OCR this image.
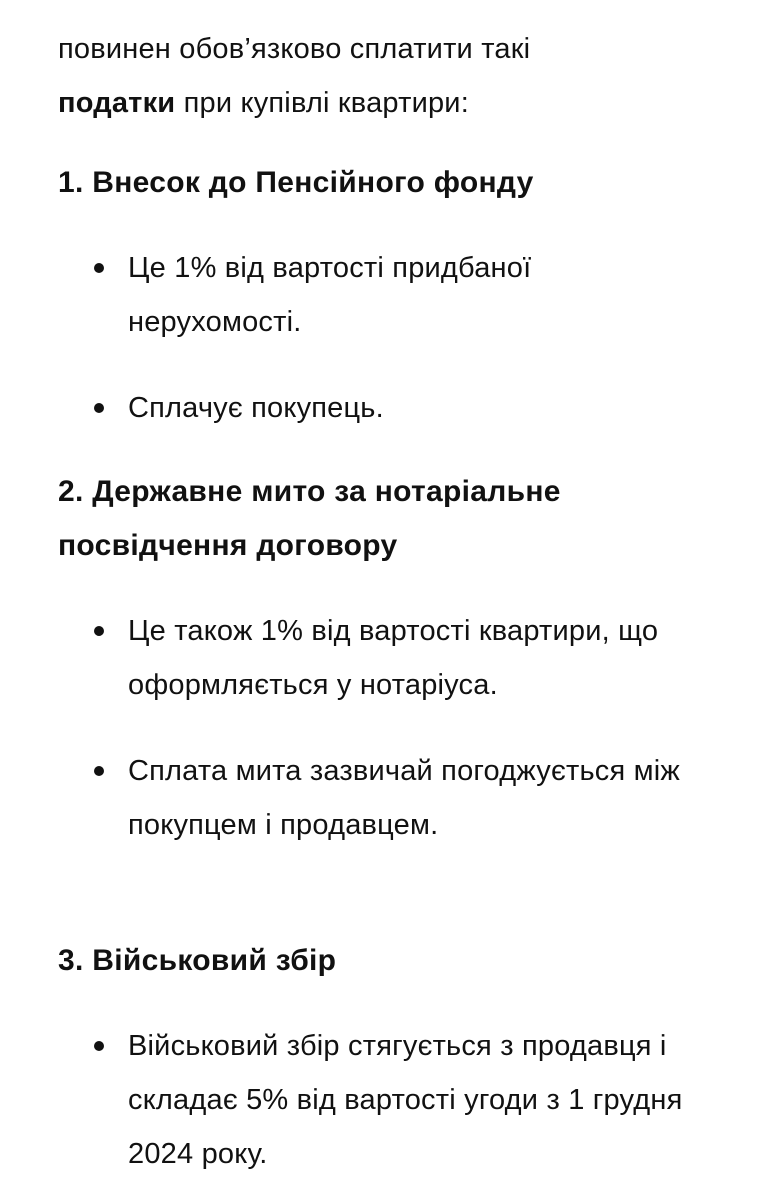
повинен обов’язково сплатити такі
податки при купівлі квартири:

1. Внесок до Пенсійного фонду
Це 1% від вартості придбаної нерухомості.
Сплачує покупець.
2. Державне мито за нотаріальне посвідчення договору
Це також 1% від вартості квартири, що оформляється у нотаріуса.
Сплата мита зазвичай погоджується між покупцем і продавцем.
3. Військовий збір
Військовий збір стягується з продавця і складає 5% від вартості угоди з 1 грудня 2024 року.
